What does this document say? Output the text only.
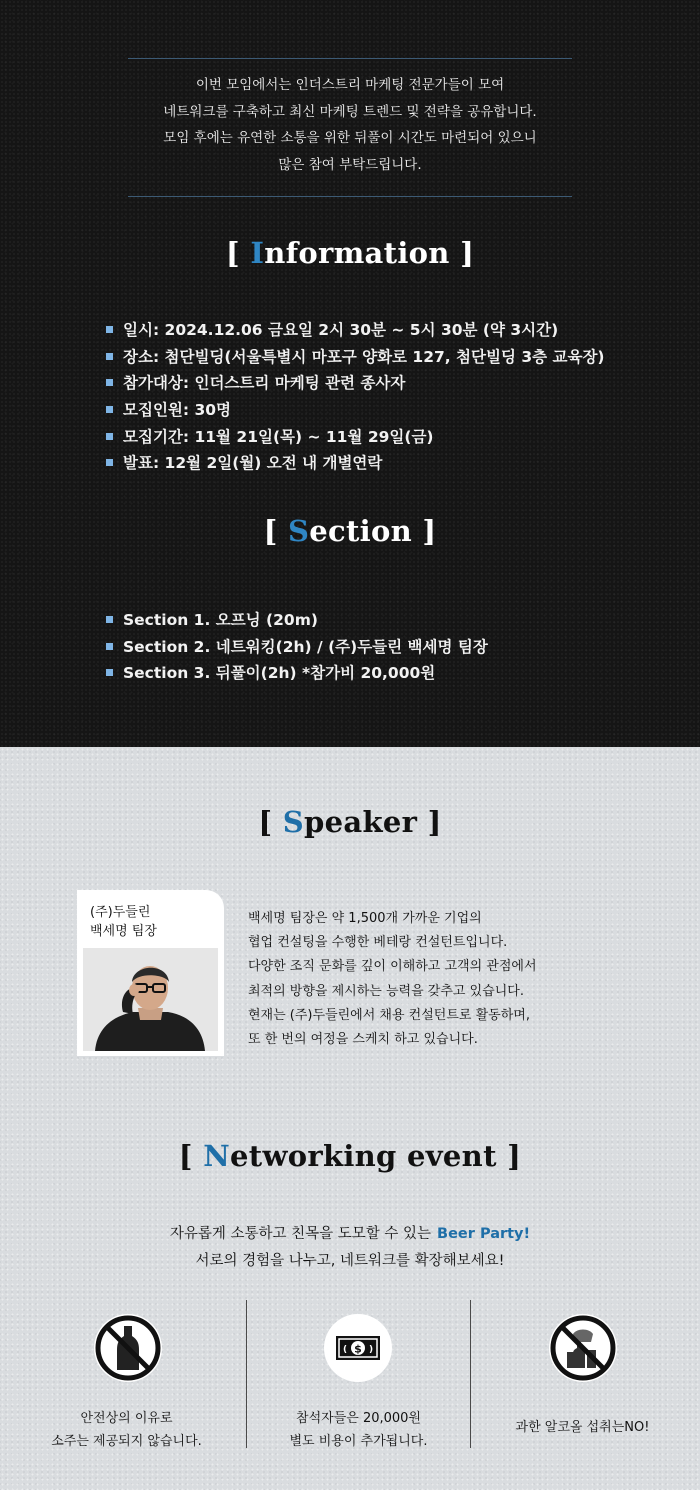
이번 모임에서는 인더스트리 마케팅 전문가들이 모여

네트워크를 구축하고 최신 마케팅 트렌드 및 전략을 공유합니다.

모임 후에는 유연한 소통을 위한 뒤풀이 시간도 마련되어 있으니

많은 참여 부탁드립니다.

[ Information ]
일시: 2024.12.06 금요일 2시 30분 ~ 5시 30분 (약 3시간)
장소: 첨단빌딩(서울특별시 마포구 양화로 127, 첨단빌딩 3층 교육장)
참가대상: 인더스트리 마케팅 관련 종사자
모집인원: 30명
모집기간: 11월 21일(목) ~ 11월 29일(금)
발표: 12월 2일(월) 오전 내 개별연락
[ Section ]
Section 1. 오프닝 (20m)
Section 2. 네트워킹(2h) / (주)두들린 백세명 팀장
Section 3. 뒤풀이(2h) *참가비 20,000원
[ Speaker ]
(주)두들린
백세명 팀장

백세명 팀장은 약 1,500개 가까운 기업의

협업 컨설팅을 수행한 베테랑 컨설턴트입니다.

다양한 조직 문화를 깊이 이해하고 고객의 관점에서

최적의 방향을 제시하는 능력을 갖추고 있습니다.

현재는 (주)두들린에서 채용 컨설턴트로 활동하며,

또 한 번의 여정을 스케치 하고 있습니다.

[ Networking event ]

자유롭게 소통하고 친목을 도모할 수 있는 Beer Party!

서로의 경험을 나누고, 네트워크를 확장해보세요!

$
( )
안전상의 이유로
소주는 제공되지 않습니다.
참석자들은 20,000원
별도 비용이 추가됩니다.
과한 알코올 섭취는NO!
